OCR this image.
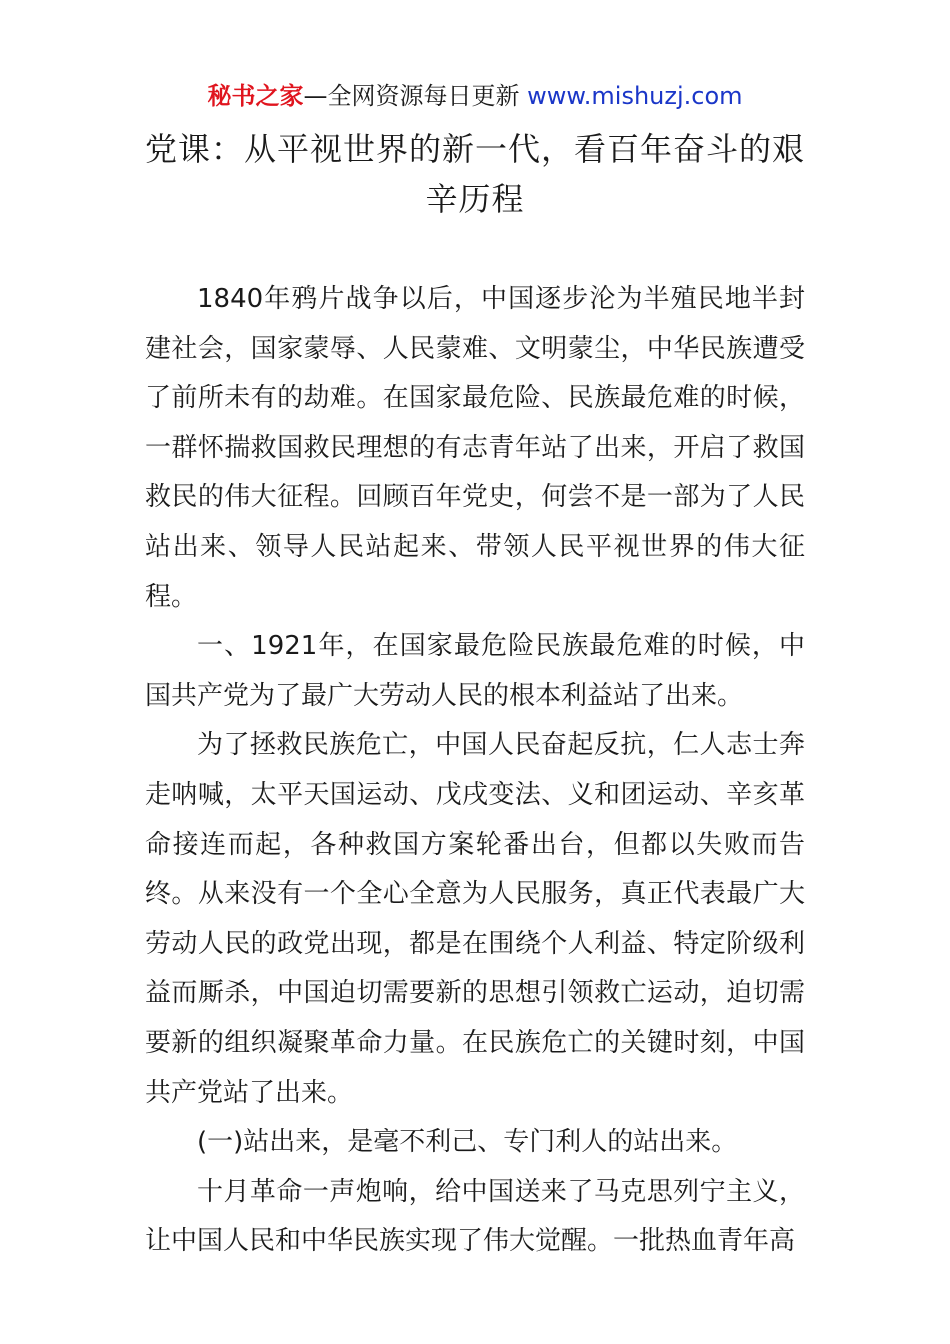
秘书之家—全网资源每日更新 www.mishuzj.com
党课：从平视世界的新一代，看百年奋斗的艰辛历程

1840年鸦片战争以后，中国逐步沦为半殖民地半封建社会，国家蒙辱、人民蒙难、文明蒙尘，中华民族遭受了前所未有的劫难。在国家最危险、民族最危难的时候，一群怀揣救国救民理想的有志青年站了出来，开启了救国救民的伟大征程。回顾百年党史，何尝不是一部为了人民站出来、领导人民站起来、带领人民平视世界的伟大征程。

一、1921年，在国家最危险民族最危难的时候，中国共产党为了最广大劳动人民的根本利益站了出来。

为了拯救民族危亡，中国人民奋起反抗，仁人志士奔走呐喊，太平天国运动、戊戌变法、义和团运动、辛亥革命接连而起，各种救国方案轮番出台，但都以失败而告终。从来没有一个全心全意为人民服务，真正代表最广大劳动人民的政党出现，都是在围绕个人利益、特定阶级利益而厮杀，中国迫切需要新的思想引领救亡运动，迫切需要新的组织凝聚革命力量。在民族危亡的关键时刻，中国共产党站了出来。

(一)站出来，是毫不利己、专门利人的站出来。

十月革命一声炮响，给中国送来了马克思列宁主义，让中国人民和中华民族实现了伟大觉醒。一批热血青年高
